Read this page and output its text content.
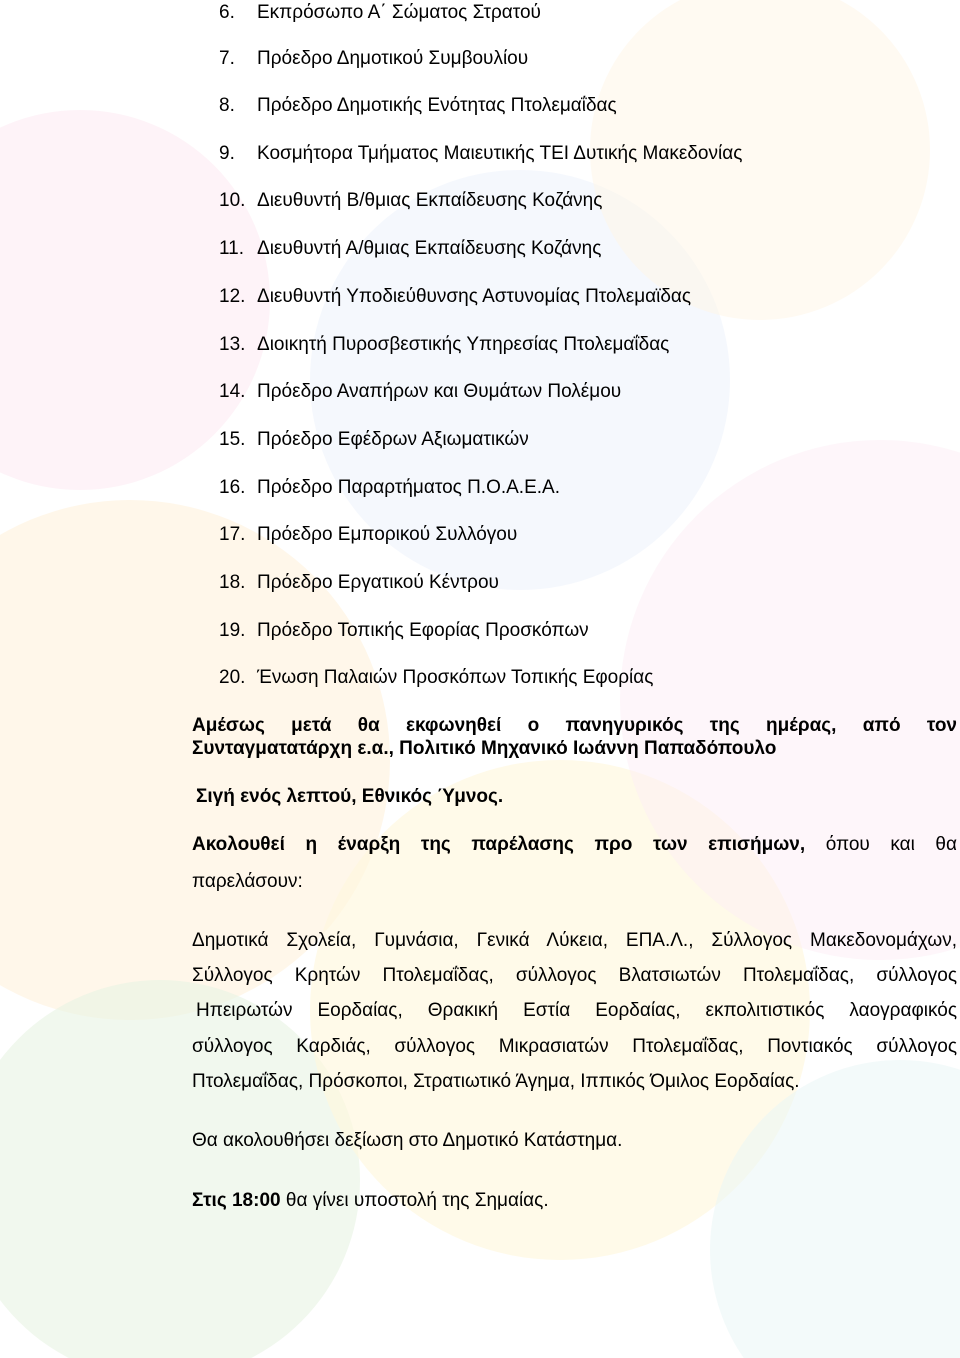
6. Εκπρόσωπο Α΄ Σώματος Στρατού
7. Πρόεδρο Δημοτικού Συμβουλίου
8. Πρόεδρο Δημοτικής Ενότητας Πτολεμαΐδας
9. Κοσμήτορα Τμήματος Μαιευτικής ΤΕΙ Δυτικής Μακεδονίας
10. Διευθυντή Β/θμιας Εκπαίδευσης Κοζάνης
11. Διευθυντή Α/θμιας Εκπαίδευσης Κοζάνης
12. Διευθυντή Υποδιεύθυνσης Αστυνομίας Πτολεμαϊδας
13. Διοικητή Πυροσβεστικής Υπηρεσίας Πτολεμαΐδας
14. Πρόεδρο Αναπήρων και Θυμάτων Πολέμου
15. Πρόεδρο Εφέδρων Αξιωματικών
16. Πρόεδρο Παραρτήματος Π.Ο.Α.Ε.Α.
17. Πρόεδρο Εμπορικού Συλλόγου
18. Πρόεδρο Εργατικού Κέντρου
19. Πρόεδρο Τοπικής Εφορίας Προσκόπων
20. Ένωση Παλαιών Προσκόπων Τοπικής Εφορίας
Αμέσως μετά θα εκφωνηθεί ο πανηγυρικός της ημέρας, από τον
Συνταγματατάρχη ε.α., Πολιτικό Μηχανικό Ιωάννη Παπαδόπουλο
Σιγή ενός λεπτού, Εθνικός Ύμνος.
Ακολουθεί η έναρξη της παρέλασης προ των επισήμων, όπου και θα
παρελάσουν:
Δημοτικά Σχολεία, Γυμνάσια, Γενικά Λύκεια, ΕΠΑ.Λ., Σύλλογος Μακεδονομάχων,
Σύλλογος Κρητών Πτολεμαΐδας, σύλλογος Βλατσιωτών Πτολεμαΐδας, σύλλογος
Ηπειρωτών Εορδαίας, Θρακική Εστία Εορδαίας, εκπολιτιστικός λαογραφικός
σύλλογος Καρδιάς, σύλλογος Μικρασιατών Πτολεμαΐδας, Ποντιακός σύλλογος
Πτολεμαΐδας, Πρόσκοποι, Στρατιωτικό Άγημα, Ιππικός Όμιλος Εορδαίας.
Θα ακολουθήσει δεξίωση στο Δημοτικό Κατάστημα.
Στις 18:00 θα γίνει υποστολή της Σημαίας.
